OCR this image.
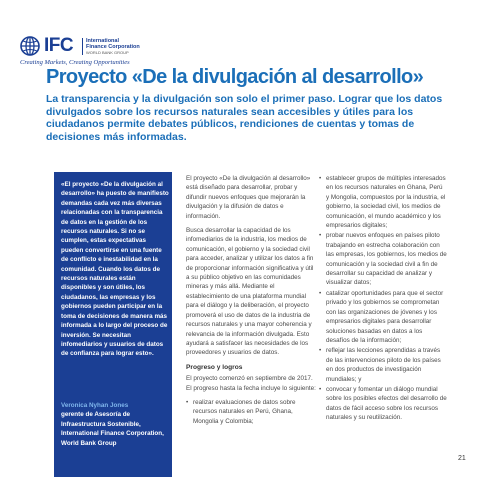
IFC International
Finance Corporation
WORLD BANK GROUP
Creating Markets, Creating Opportunities
Proyecto «De la divulgación al desarrollo»
La transparencia y la divulgación son solo el primer paso. Lograr que los datos divulgados sobre los recursos naturales sean accesibles y útiles para los ciudadanos permite debates públicos, rendiciones de cuentas y tomas de decisiones más informadas.
«El proyecto «De la divulgación al desarrollo» ha puesto de manifiesto demandas cada vez más diversas relacionadas con la transparencia de datos en la gestión de los recursos naturales. Si no se cumplen, estas expectativas pueden convertirse en una fuente de conflicto e inestabilidad en la comunidad. Cuando los datos de recursos naturales están disponibles y son útiles, los ciudadanos, las empresas y los gobiernos pueden participar en la toma de decisiones de manera más informada a lo largo del proceso de inversión. Se necesitan infomediarios y usuarios de datos de confianza para lograr esto».
Veronica Nyhan Jones
gerente de Asesoría de Infraestructura Sostenible, International Finance Corporation, World Bank Group

El proyecto «De la divulgación al desarrollo» está diseñado para desarrollar, probar y difundir nuevos enfoques que mejorarán la divulgación y la difusión de datos e información.

Busca desarrollar la capacidad de los infomediarios de la industria, los medios de comunicación, el gobierno y la sociedad civil para acceder, analizar y utilizar los datos a fin de proporcionar información significativa y útil a su público objetivo en las comunidades mineras y más allá. Mediante el establecimiento de una plataforma mundial para el diálogo y la deliberación, el proyecto promoverá el uso de datos de la industria de recursos naturales y una mayor coherencia y relevancia de la información divulgada. Esto ayudará a satisfacer las necesidades de los proveedores y usuarios de datos.

Progreso y logros

El proyecto comenzó en septiembre de 2017. El progreso hasta la fecha incluye lo siguiente:

• realizar evaluaciones de datos sobre recursos naturales en Perú, Ghana, Mongolia y Colombia;
• establecer grupos de múltiples interesados en los recursos naturales en Ghana, Perú y Mongolia, compuestos por la industria, el gobierno, la sociedad civil, los medios de comunicación, el mundo académico y los empresarios digitales;
• probar nuevos enfoques en países piloto trabajando en estrecha colaboración con las empresas, los gobiernos, los medios de comunicación y la sociedad civil a fin de desarrollar su capacidad de analizar y visualizar datos;
• catalizar oportunidades para que el sector privado y los gobiernos se comprometan con las organizaciones de jóvenes y los empresarios digitales para desarrollar soluciones basadas en datos a los desafíos de la información;
• reflejar las lecciones aprendidas a través de las intervenciones piloto de los países en dos productos de investigación mundiales; y
• convocar y fomentar un diálogo mundial sobre los posibles efectos del desarrollo de datos de fácil acceso sobre los recursos naturales y su reutilización.
21
